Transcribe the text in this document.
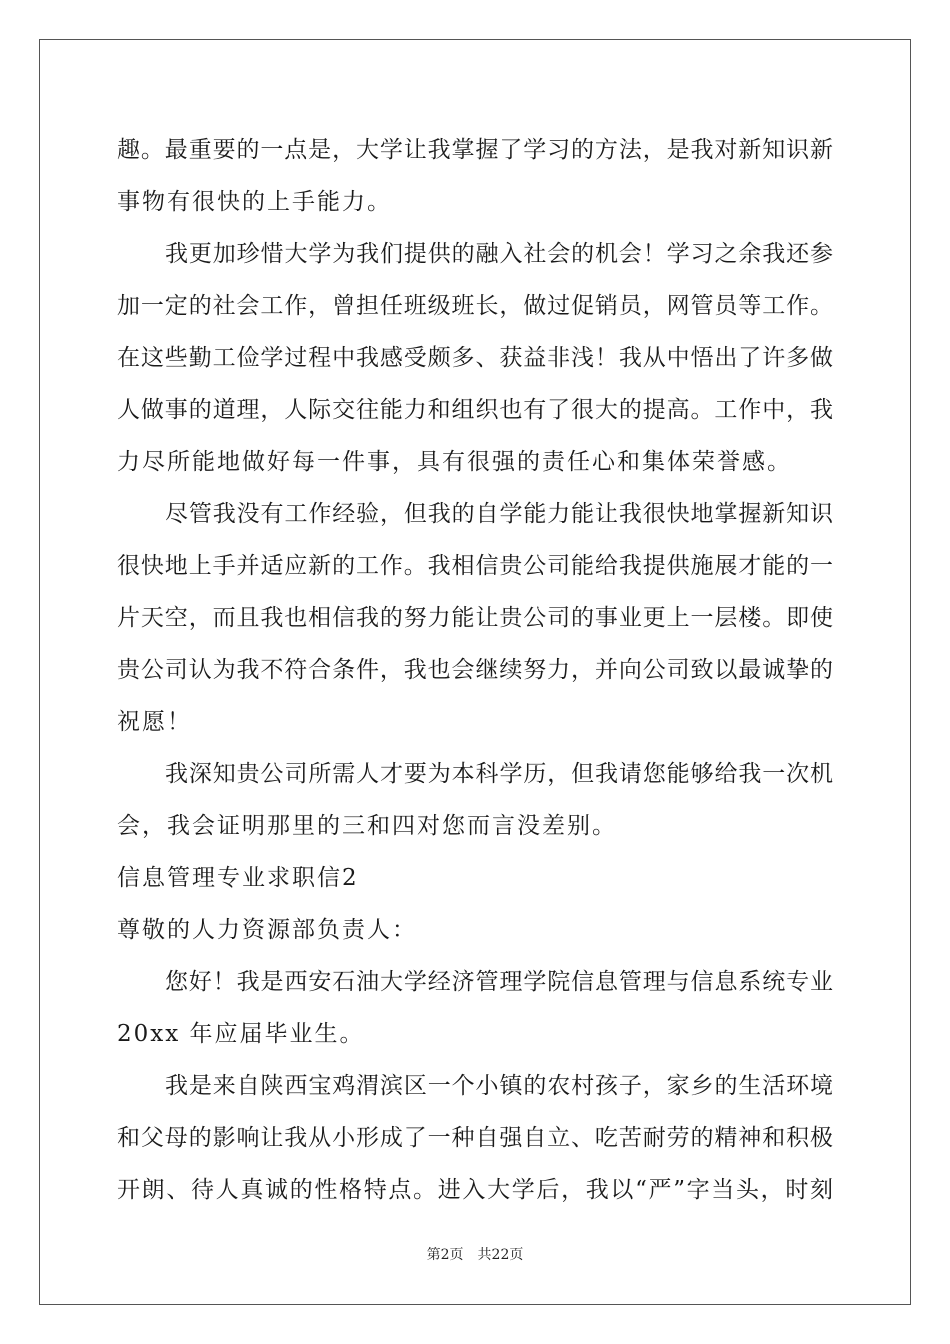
趣。最重要的一点是，大学让我掌握了学习的方法，是我对新知识新
事物有很快的上手能力。
我更加珍惜大学为我们提供的融入社会的机会！学习之余我还参
加一定的社会工作，曾担任班级班长，做过促销员，网管员等工作。
在这些勤工俭学过程中我感受颇多、获益非浅！我从中悟出了许多做
人做事的道理，人际交往能力和组织也有了很大的提高。工作中，我
力尽所能地做好每一件事，具有很强的责任心和集体荣誉感。
尽管我没有工作经验，但我的自学能力能让我很快地掌握新知识
很快地上手并适应新的工作。我相信贵公司能给我提供施展才能的一
片天空，而且我也相信我的努力能让贵公司的事业更上一层楼。即使
贵公司认为我不符合条件，我也会继续努力，并向公司致以最诚挚的
祝愿！
我深知贵公司所需人才要为本科学历，但我请您能够给我一次机
会，我会证明那里的三和四对您而言没差别。
信息管理专业求职信2
尊敬的人力资源部负责人：
您好！我是西安石油大学经济管理学院信息管理与信息系统专业
20xx 年应届毕业生。
我是来自陕西宝鸡渭滨区一个小镇的农村孩子，家乡的生活环境
和父母的影响让我从小形成了一种自强自立、吃苦耐劳的精神和积极
开朗、待人真诚的性格特点。进入大学后，我以“严”字当头，时刻
第2页 共22页
